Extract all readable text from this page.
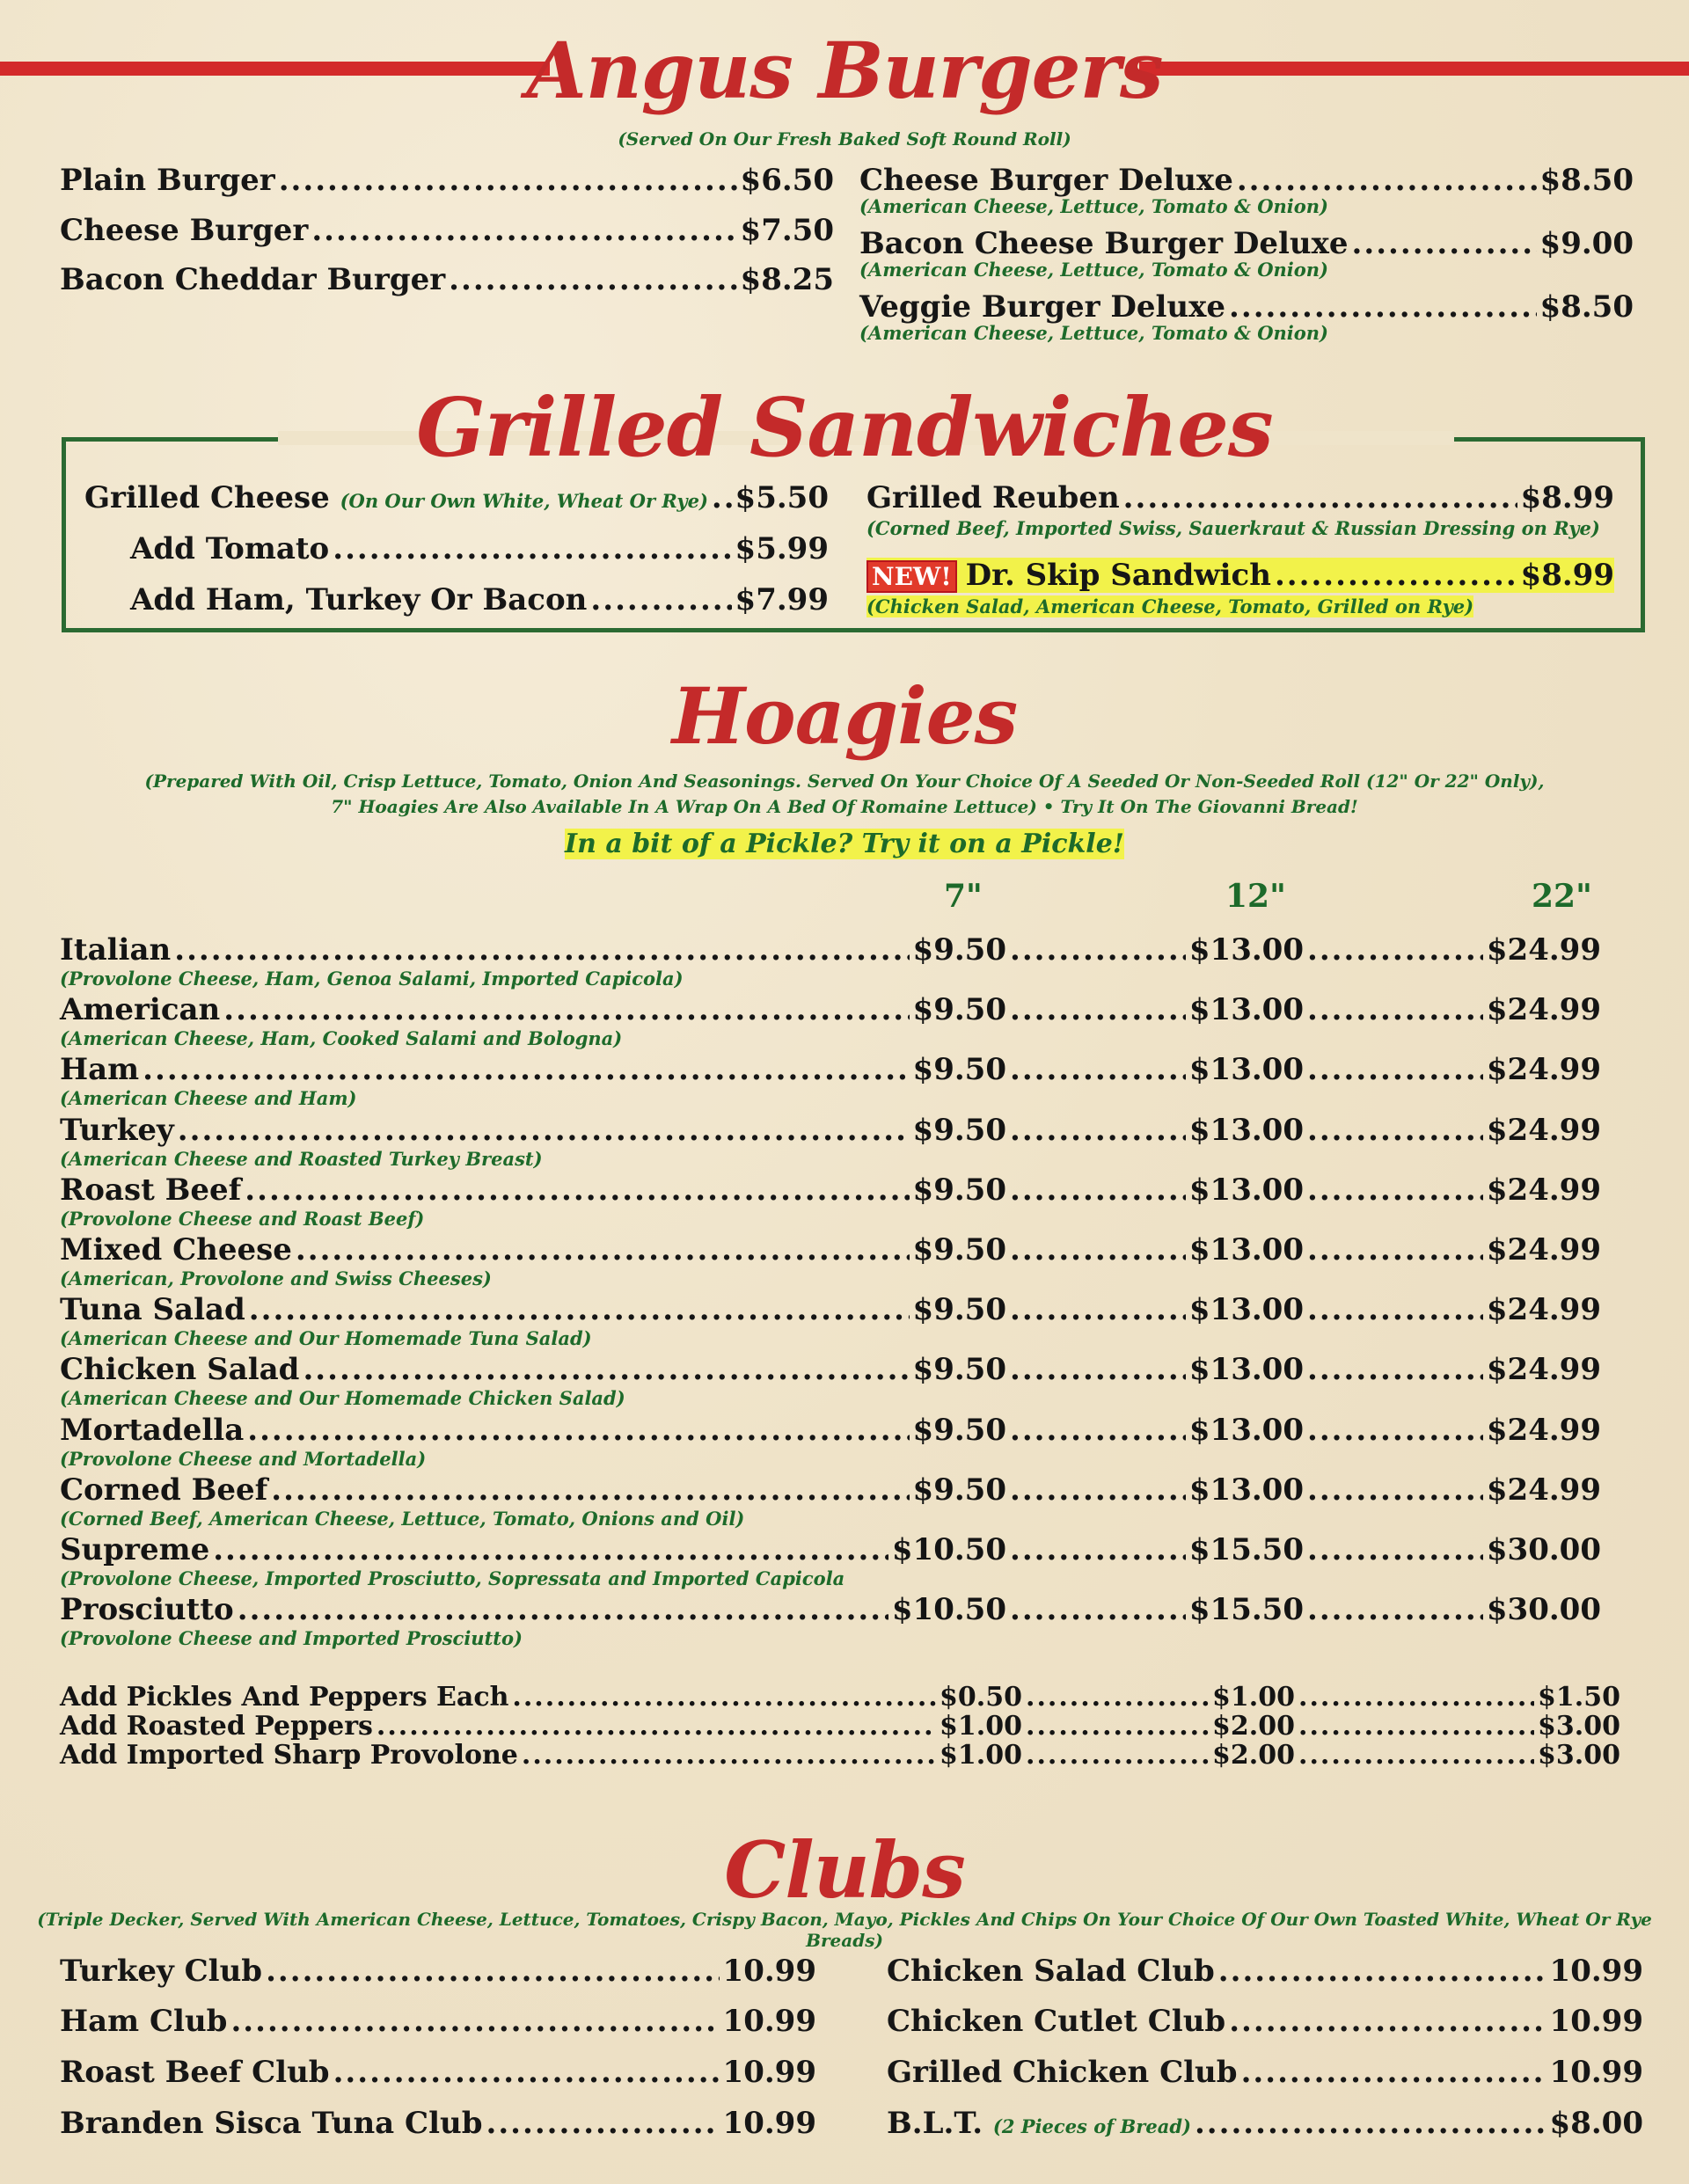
Angus Burgers
(Served On Our Fresh Baked Soft Round Roll)
Plain Burger .....	$6.50
Cheese Burger .....	$7.50
Bacon Cheddar Burger .....	$8.25
Cheese Burger Deluxe .....	$8.50
(American Cheese, Lettuce, Tomato & Onion)
Bacon Cheese Burger Deluxe .....	$9.00
(American Cheese, Lettuce, Tomato & Onion)
Veggie Burger Deluxe .....	$8.50
(American Cheese, Lettuce, Tomato & Onion)
Grilled Sandwiches
Grilled Cheese (On Our Own White, Wheat Or Rye) ..... $5.50
Add Tomato .....	$5.99
Add Ham, Turkey Or Bacon .....	$7.99
Grilled Reuben .....	$8.99
(Corned Beef, Imported Swiss, Sauerkraut & Russian Dressing on Rye)
NEW! Dr. Skip Sandwich .....	$8.99
(Chicken Salad, American Cheese, Tomato, Grilled on Rye)
Hoagies
(Prepared With Oil, Crisp Lettuce, Tomato, Onion And Seasonings. Served On Your Choice Of A Seeded Or Non-Seeded Roll (12" Or 22" Only),
7" Hoagies Are Also Available In A Wrap On A Bed Of Romaine Lettuce) • Try It On The Giovanni Bread!
In a bit of a Pickle? Try it on a Pickle!
7"	12"	22"
Italian .....	$9.50 .....	$13.00 .....	$24.99
(Provolone Cheese, Ham, Genoa Salami, Imported Capicola)
American .....	$9.50 .....	$13.00 .....	$24.99
(American Cheese, Ham, Cooked Salami and Bologna)
Ham .....	$9.50 .....	$13.00 .....	$24.99
(American Cheese and Ham)
Turkey .....	$9.50 .....	$13.00 .....	$24.99
(American Cheese and Roasted Turkey Breast)
Roast Beef .....	$9.50 .....	$13.00 .....	$24.99
(Provolone Cheese and Roast Beef)
Mixed Cheese .....	$9.50 .....	$13.00 .....	$24.99
(American, Provolone and Swiss Cheeses)
Tuna Salad .....	$9.50 .....	$13.00 .....	$24.99
(American Cheese and Our Homemade Tuna Salad)
Chicken Salad .....	$9.50 .....	$13.00 .....	$24.99
(American Cheese and Our Homemade Chicken Salad)
Mortadella .....	$9.50 .....	$13.00 .....	$24.99
(Provolone Cheese and Mortadella)
Corned Beef .....	$9.50 .....	$13.00 .....	$24.99
(Corned Beef, American Cheese, Lettuce, Tomato, Onions and Oil)
Supreme .....	$10.50 .....	$15.50 .....	$30.00
(Provolone Cheese, Imported Prosciutto, Sopressata and Imported Capicola
Prosciutto .....	$10.50 .....	$15.50 .....	$30.00
(Provolone Cheese and Imported Prosciutto)
Add Pickles And Peppers Each .....	$0.50 .....	$1.00 .....	$1.50
Add Roasted Peppers .....	$1.00 .....	$2.00 .....	$3.00
Add Imported Sharp Provolone .....	$1.00 .....	$2.00 .....	$3.00
Clubs
(Triple Decker, Served With American Cheese, Lettuce, Tomatoes, Crispy Bacon, Mayo, Pickles And Chips On Your Choice Of Our Own Toasted White, Wheat Or Rye Breads)
Turkey Club .....	10.99
Ham Club .....	10.99
Roast Beef Club .....	10.99
Branden Sisca Tuna Club .....	10.99
Chicken Salad Club .....	10.99
Chicken Cutlet Club .....	10.99
Grilled Chicken Club .....	10.99
B.L.T. (2 Pieces of Bread) .....	$8.00
